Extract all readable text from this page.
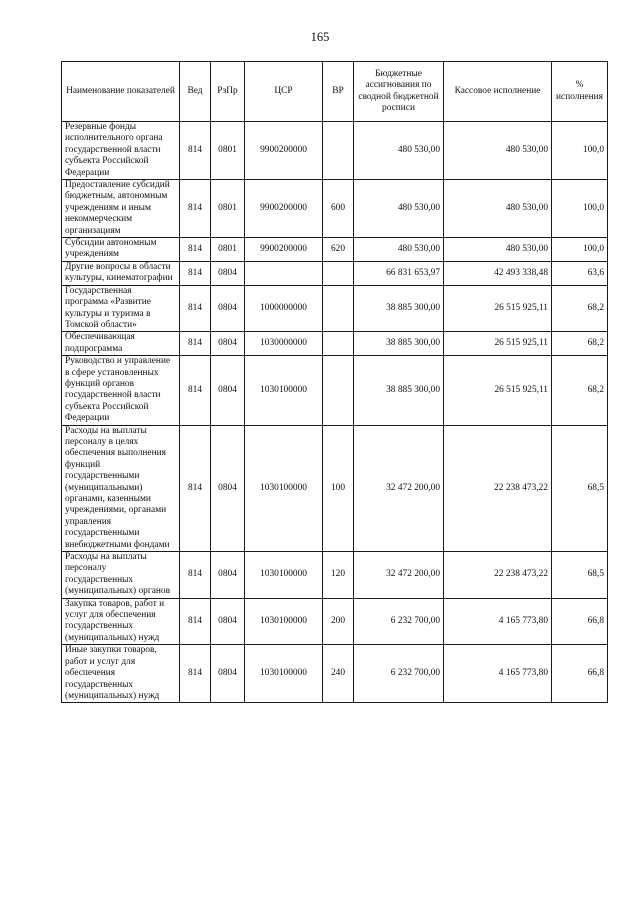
165
Наименование показателей	Вед	РзПр	ЦСР	ВР	Бюджетные ассигнования по сводной бюджетной росписи	Кассовое исполнение	% исполнения
Резервные фонды исполнительного органа государственной власти субъекта Российской Федерации	814	0801	9900200000		480 530,00	480 530,00	100,0
Предоставление субсидий бюджетным, автономным учреждениям и иным некоммерческим организациям	814	0801	9900200000	600	480 530,00	480 530,00	100,0
Субсидии автономным учреждениям	814	0801	9900200000	620	480 530,00	480 530,00	100,0
Другие вопросы в области культуры, кинематографии	814	0804			66 831 653,97	42 493 338,48	63,6
Государственная программа «Развитие культуры и туризма в Томской области»	814	0804	1000000000		38 885 300,00	26 515 925,11	68,2
Обеспечивающая подпрограмма	814	0804	1030000000		38 885 300,00	26 515 925,11	68,2
Руководство и управление в сфере установленных функций органов государственной власти субъекта Российской Федерации	814	0804	1030100000		38 885 300,00	26 515 925,11	68,2
Расходы на выплаты персоналу в целях обеспечения выполнения функций государственными (муниципальными) органами, казенными учреждениями, органами управления государственными внебюджетными фондами	814	0804	1030100000	100	32 472 200,00	22 238 473,22	68,5
Расходы на выплаты персоналу государственных (муниципальных) органов	814	0804	1030100000	120	32 472 200,00	22 238 473,22	68,5
Закупка товаров, работ и услуг для обеспечения государственных (муниципальных) нужд	814	0804	1030100000	200	6 232 700,00	4 165 773,80	66,8
Иные закупки товаров, работ и услуг для обеспечения государственных (муниципальных) нужд	814	0804	1030100000	240	6 232 700,00	4 165 773,80	66,8
